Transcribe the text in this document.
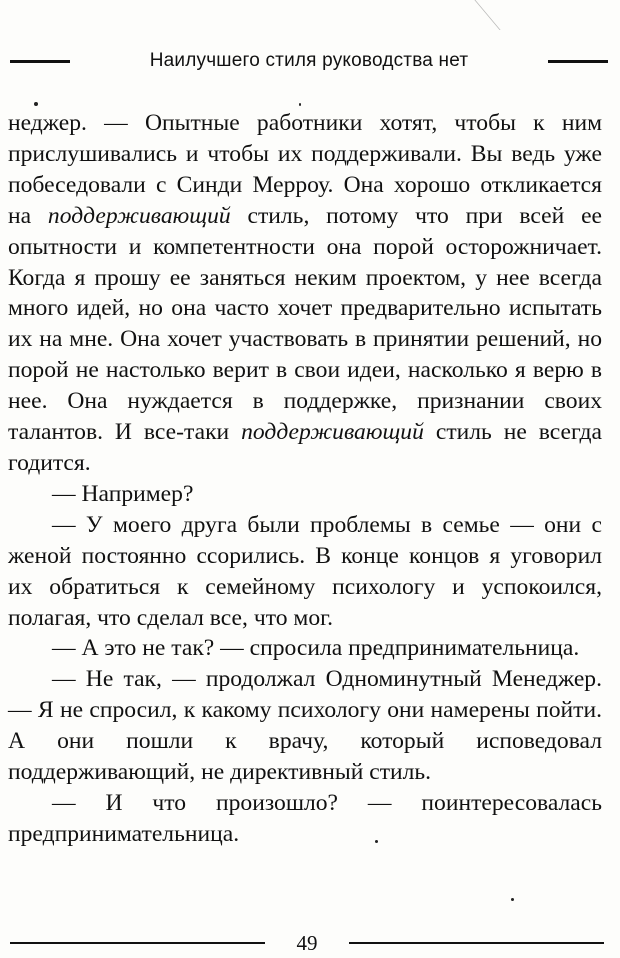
Наилучшего стиля руководства нет

неджер. — Опытные работники хотят, чтобы к ним прислушивались и чтобы их поддерживали. Вы ведь уже побеседовали с Синди Мерроу. Она хорошо откликается на поддерживающий стиль, потому что при всей ее опытности и компетентности она порой осторожничает. Когда я прошу ее заняться неким проектом, у нее всегда много идей, но она часто хочет предварительно испытать их на мне. Она хочет участвовать в принятии решений, но порой не настолько верит в свои идеи, насколько я верю в нее. Она нуждается в поддержке, признании своих талантов. И все-таки поддерживающий стиль не всегда годится.

— Например?

— У моего друга были проблемы в семье — они с женой постоянно ссорились. В конце концов я уговорил их обратиться к семейному психологу и успокоился, полагая, что сделал все, что мог.

— А это не так? — спросила предпринимательница.

— Не так, — продолжал Одноминутный Менеджер. — Я не спросил, к какому психологу они намерены пойти. А они пошли к врачу, который исповедовал поддерживающий, не директивный стиль.

— И что произошло? — поинтересовалась предпринимательница.

49
